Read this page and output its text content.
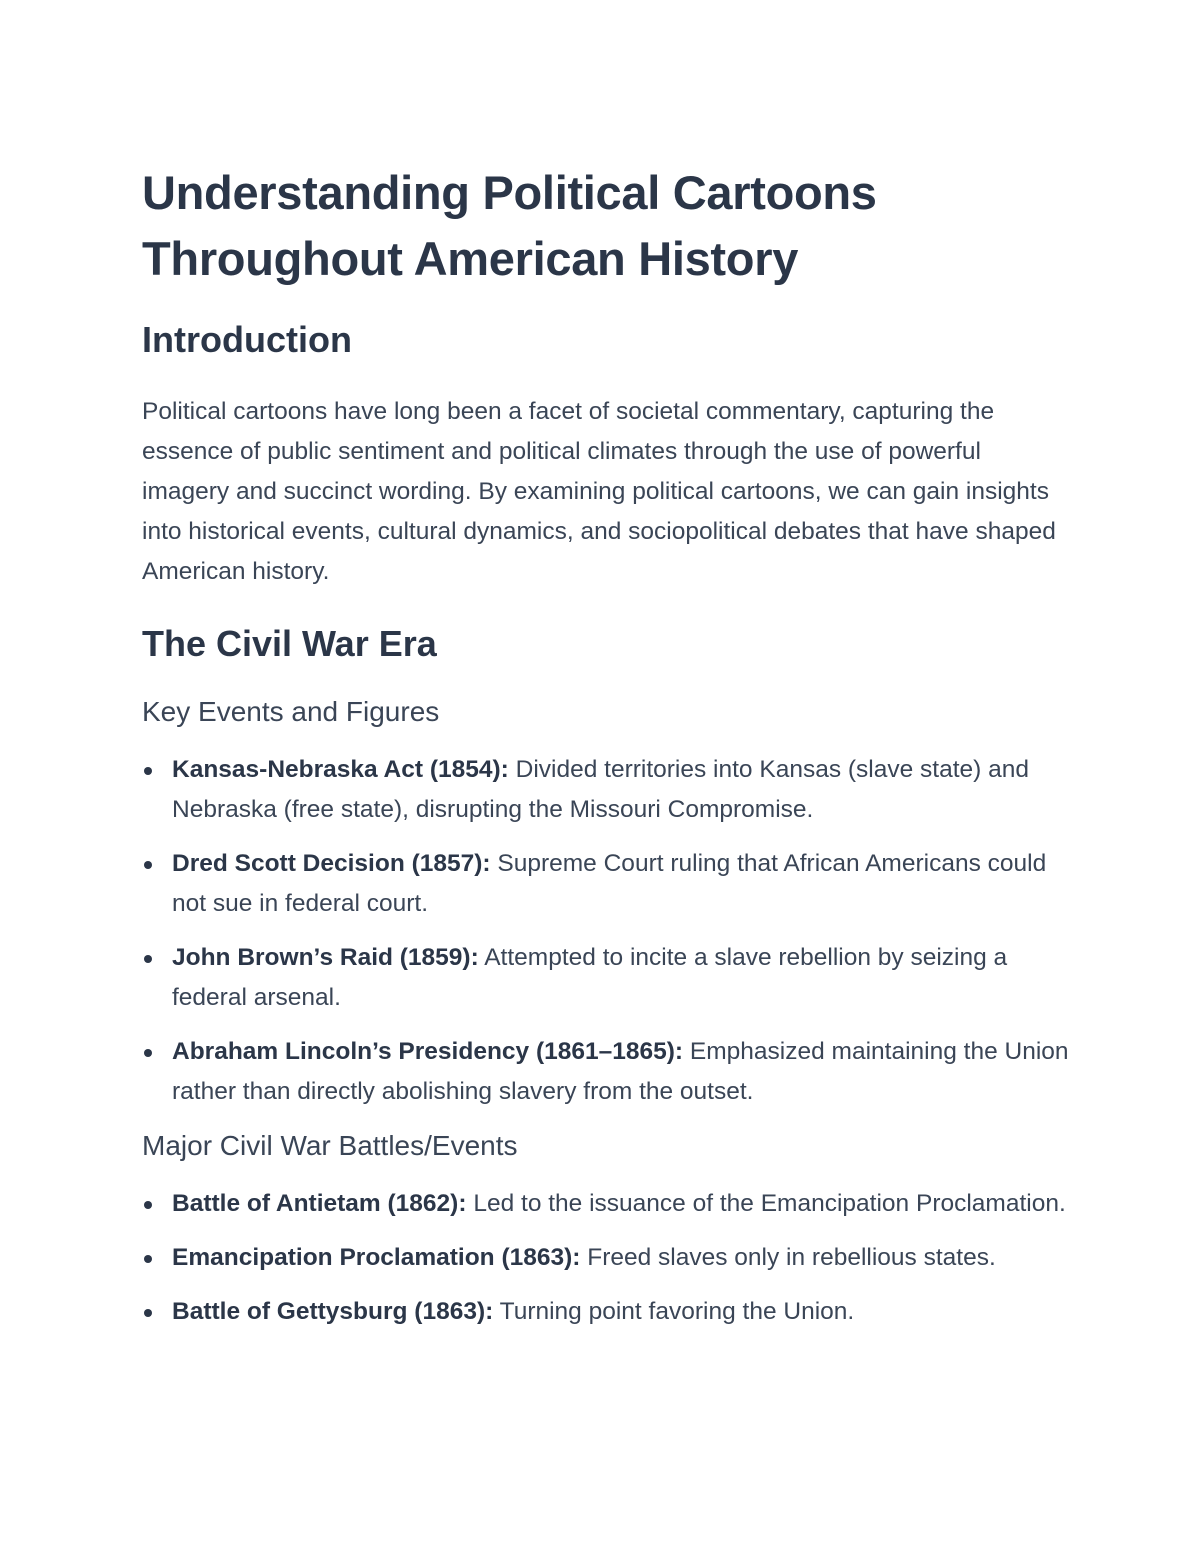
Understanding Political Cartoons
Throughout American History
Introduction

Political cartoons have long been a facet of societal commentary, capturing the essence of public sentiment and political climates through the use of powerful imagery and succinct wording. By examining political cartoons, we can gain insights into historical events, cultural dynamics, and sociopolitical debates that have shaped American history.

The Civil War Era
Key Events and Figures
Kansas-Nebraska Act (1854): Divided territories into Kansas (slave state) and Nebraska (free state), disrupting the Missouri Compromise.
Dred Scott Decision (1857): Supreme Court ruling that African Americans could not sue in federal court.
John Brown’s Raid (1859): Attempted to incite a slave rebellion by seizing a federal arsenal.
Abraham Lincoln’s Presidency (1861–1865): Emphasized maintaining the Union rather than directly abolishing slavery from the outset.
Major Civil War Battles/Events
Battle of Antietam (1862): Led to the issuance of the Emancipation Proclamation.
Emancipation Proclamation (1863): Freed slaves only in rebellious states.
Battle of Gettysburg (1863): Turning point favoring the Union.
